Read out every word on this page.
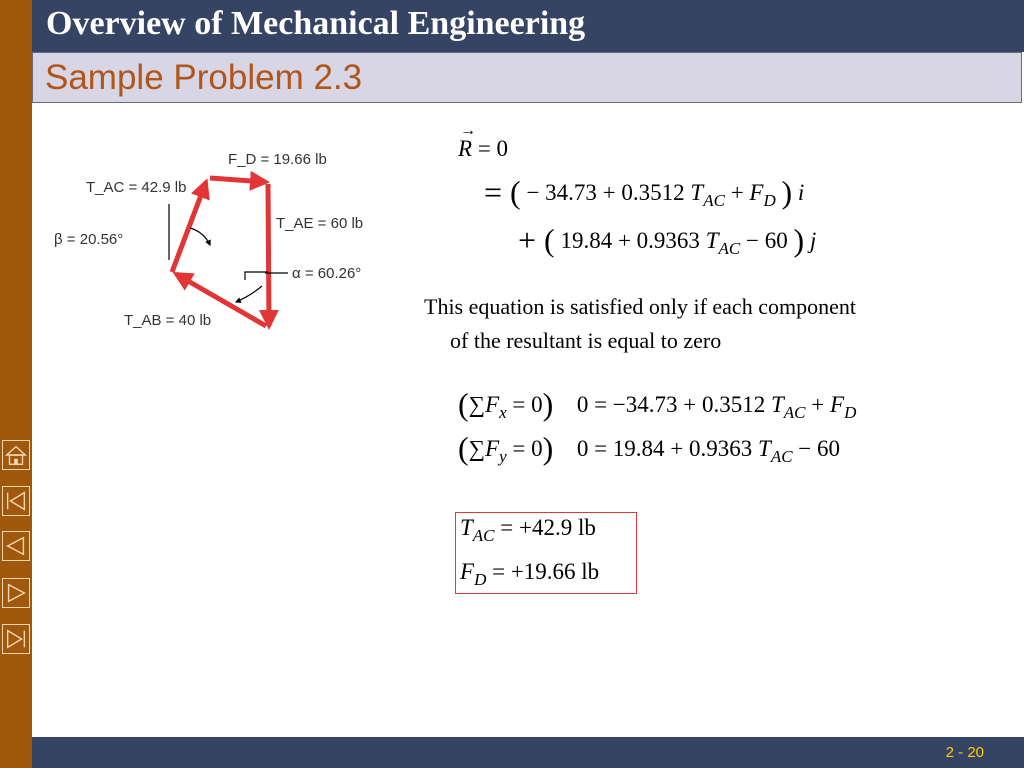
Overview of Mechanical Engineering
Sample Problem 2.3
F_D = 19.66 lb
T_AC = 42.9 lb
T_AE = 60 lb
β = 20.56°
α = 60.26°
T_AB = 40 lb
R
→
= 0
= ( − 34.73 + 0.3512 $T_{AC} + F_D$ ) i
+ ( 19.84 + 0.9363 $T_{AC} - 60$ ) j
This equation is satisfied only if each component
of the resultant is equal to zero
$(\sum F_x = 0) 0 = -34.73 + 0.3512$ $T_{AC} + F_D$
$(\sum F_y = 0) 0 = 19.84 + 0.9363$ $T_{AC} - 60$
$T_{AC} = +42.9$ lb
$F_D = +19.66$ lb
2 - 20
